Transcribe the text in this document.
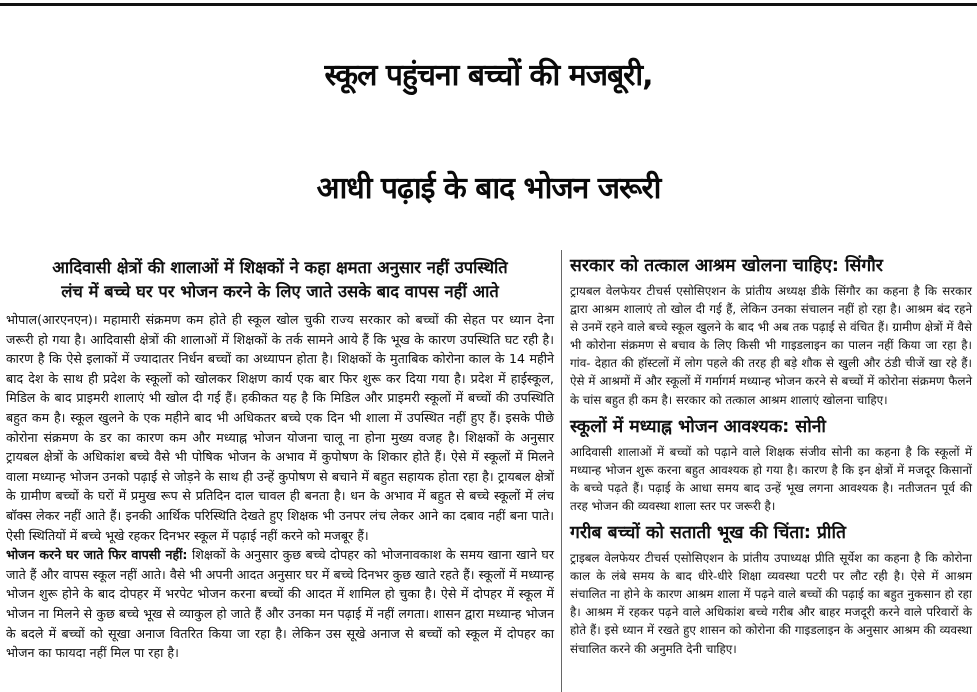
स्कूल पहुंचना बच्चों की मजबूरी,
आधी पढ़ाई के बाद भोजन जरूरी
आदिवासी क्षेत्रों की शालाओं में शिक्षकों ने कहा क्षमता अनुसार नहीं उपस्थिति
लंच में बच्चे घर पर भोजन करने के लिए जाते उसके बाद वापस नहीं आते

भोपाल(आरएनएन)। महामारी संक्रमण कम होते ही स्कूल खोल चुकी राज्य सरकार को बच्चों की सेहत पर ध्यान देना जरूरी हो गया है। आदिवासी क्षेत्रों की शालाओं में शिक्षकों के तर्क सामने आये हैं कि भूख के कारण उपस्थिति घट रही है। कारण है कि ऐसे इलाकों में ज्यादातर निर्धन बच्चों का अध्यापन होता है। शिक्षकों के मुताबिक कोरोना काल के 14 महीने बाद देश के साथ ही प्रदेश के स्कूलों को खोलकर शिक्षण कार्य एक बार फिर शुरू कर दिया गया है। प्रदेश में हाईस्कूल, मिडिल के बाद प्राइमरी शालाएं भी खोल दी गई हैं। हकीकत यह है कि मिडिल और प्राइमरी स्कूलों में बच्चों की उपस्थिति बहुत कम है। स्कूल खुलने के एक महीने बाद भी अधिकतर बच्चे एक दिन भी शाला में उपस्थित नहीं हुए हैं। इसके पीछे कोरोना संक्रमण के डर का कारण कम और मध्याह्न भोजन योजना चालू ना होना मुख्य वजह है। शिक्षकों के अनुसार ट्रायबल क्षेत्रों के अधिकांश बच्चे वैसे भी पोषिक भोजन के अभाव में कुपोषण के शिकार होते हैं। ऐसे में स्कूलों में मिलने वाला मध्यान्ह भोजन उनको पढ़ाई से जोड़ने के साथ ही उन्हें कुपोषण से बचाने में बहुत सहायक होता रहा है। ट्रायबल क्षेत्रों के ग्रामीण बच्चों के घरों में प्रमुख रूप से प्रतिदिन दाल चावल ही बनता है। धन के अभाव में बहुत से बच्चे स्कूलों में लंच बॉक्स लेकर नहीं आते हैं। इनकी आर्थिक परिस्थिति देखते हुए शिक्षक भी उनपर लंच लेकर आने का दबाव नहीं बना पाते। ऐसी स्थितियों में बच्चे भूखे रहकर दिनभर स्कूल में पढ़ाई नहीं करने को मजबूर हैं।

भोजन करने घर जाते फिर वापसी नहीं: शिक्षकों के अनुसार कुछ बच्चे दोपहर को भोजनावकाश के समय खाना खाने घर जाते हैं और वापस स्कूल नहीं आते। वैसे भी अपनी आदत अनुसार घर में बच्चे दिनभर कुछ खाते रहते हैं। स्कूलों में मध्यान्ह भोजन शुरू होने के बाद दोपहर में भरपेट भोजन करना बच्चों की आदत में शामिल हो चुका है। ऐसे में दोपहर में स्कूल में भोजन ना मिलने से कुछ बच्चे भूख से व्याकुल हो जाते हैं और उनका मन पढ़ाई में नहीं लगता। शासन द्वारा मध्यान्ह भोजन के बदले में बच्चों को सूखा अनाज वितरित किया जा रहा है। लेकिन उस सूखे अनाज से बच्चों को स्कूल में दोपहर का भोजन का फायदा नहीं मिल पा रहा है।

सरकार को तत्काल आश्रम खोलना चाहिए: सिंगौर

ट्रायबल वेलफेयर टीचर्स एसोसिएशन के प्रांतीय अध्यक्ष डीके सिंगौर का कहना है कि सरकार द्वारा आश्रम शालाएं तो खोल दी गई हैं, लेकिन उनका संचालन नहीं हो रहा है। आश्रम बंद रहने से उनमें रहने वाले बच्चे स्कूल खुलने के बाद भी अब तक पढ़ाई से वंचित हैं। ग्रामीण क्षेत्रों में वैसे भी कोरोना संक्रमण से बचाव के लिए किसी भी गाइडलाइन का पालन नहीं किया जा रहा है। गांव- देहात की हॉस्टलों में लोग पहले की तरह ही बड़े शौक से खुली और ठंडी चीजें खा रहे हैं। ऐसे में आश्रमों में और स्कूलों में गर्मागर्म मध्यान्ह भोजन करने से बच्चों में कोरोना संक्रमण फैलने के चांस बहुत ही कम है। सरकार को तत्काल आश्रम शालाएं खोलना चाहिए।

स्कूलों में मध्याह्न भोजन आवश्यक: सोनी

आदिवासी शालाओं में बच्चों को पढ़ाने वाले शिक्षक संजीव सोनी का कहना है कि स्कूलों में मध्यान्ह भोजन शुरू करना बहुत आवश्यक हो गया है। कारण है कि इन क्षेत्रों में मजदूर किसानों के बच्चे पढ़ते हैं। पढ़ाई के आधा समय बाद उन्हें भूख लगना आवश्यक है। नतीजतन पूर्व की तरह भोजन की व्यवस्था शाला स्तर पर जरूरी है।

गरीब बच्चों को सताती भूख की चिंता: प्रीति

ट्राइबल वेलफेयर टीचर्स एसोसिएशन के प्रांतीय उपाध्यक्ष प्रीति सूर्येश का कहना है कि कोरोना काल के लंबे समय के बाद धीरे-धीरे शिक्षा व्यवस्था पटरी पर लौट रही है। ऐसे में आश्रम संचालित ना होने के कारण आश्रम शाला में पढ़ने वाले बच्चों की पढ़ाई का बहुत नुकसान हो रहा है। आश्रम में रहकर पढ़ने वाले अधिकांश बच्चे गरीब और बाहर मजदूरी करने वाले परिवारों के होते हैं। इसे ध्यान में रखते हुए शासन को कोरोना की गाइडलाइन के अनुसार आश्रम की व्यवस्था संचालित करने की अनुमति देनी चाहिए।
